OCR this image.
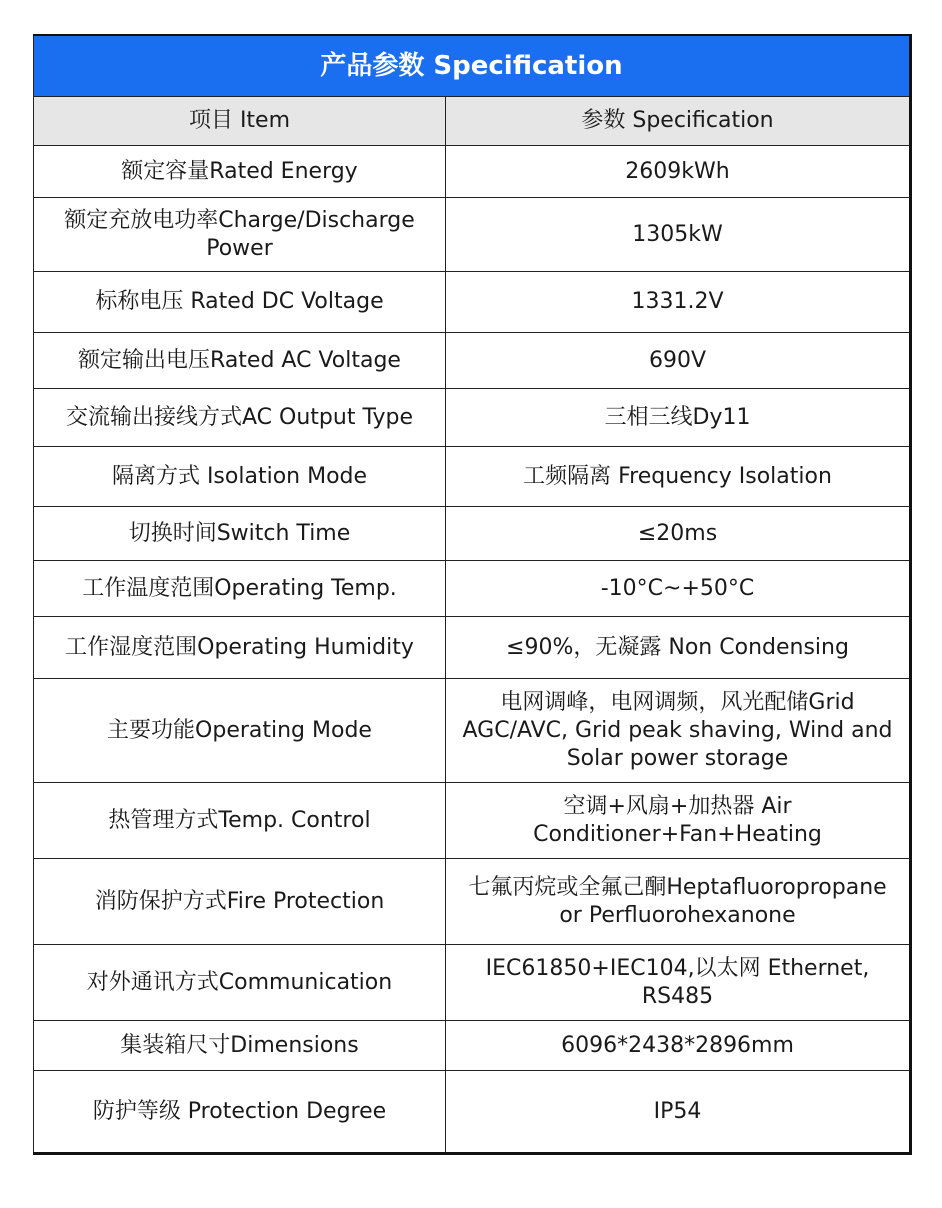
产品参数 Specification	
项目 Item	参数 Specification
额定容量Rated Energy	2609kWh
额定充放电功率Charge/Discharge Power	1305kW
标称电压 Rated DC Voltage	1331.2V
额定输出电压Rated AC Voltage	690V
交流输出接线方式AC Output Type	三相三线Dy11
隔离方式 Isolation Mode	工频隔离 Frequency Isolation
切换时间Switch Time	≤20ms
工作温度范围Operating Temp.	-10°C~+50°C
工作湿度范围Operating Humidity	≤90%，无凝露 Non Condensing
主要功能Operating Mode	电网调峰，电网调频，风光配储Grid AGC/AVC, Grid peak shaving, Wind and Solar power storage
热管理方式Temp. Control	空调+风扇+加热器 Air Conditioner+Fan+Heating
消防保护方式Fire Protection	七氟丙烷或全氟己酮Heptafluoropropane or Perfluorohexanone
对外通讯方式Communication	IEC61850+IEC104,以太网 Ethernet, RS485
集装箱尺寸Dimensions	6096*2438*2896mm
防护等级 Protection Degree	IP54
